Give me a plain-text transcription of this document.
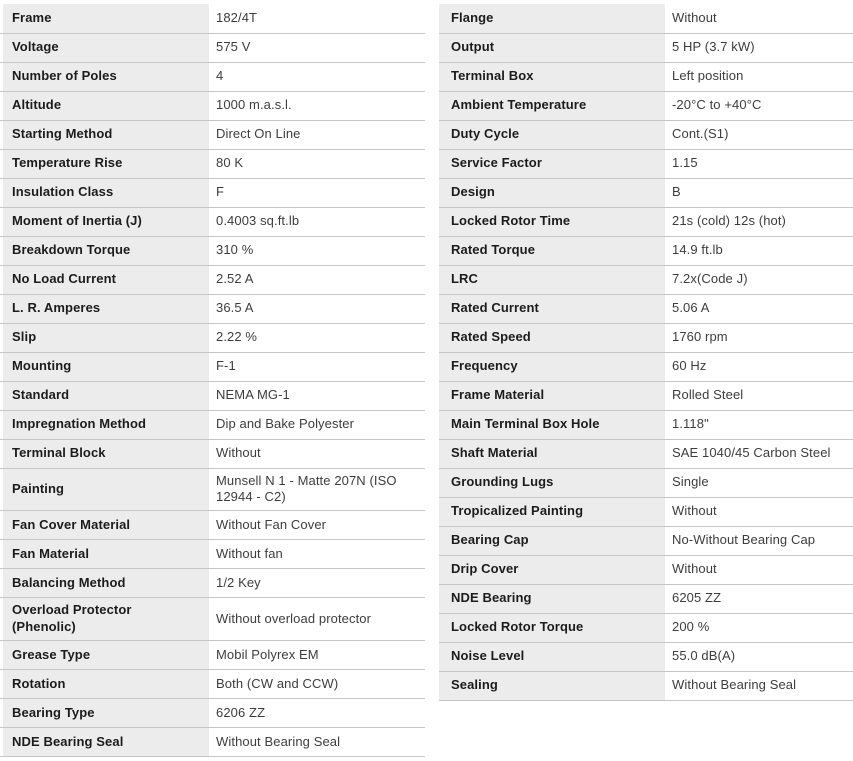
Frame	182/4T
Voltage	575 V
Number of Poles	4
Altitude	1000 m.a.s.l.
Starting Method	Direct On Line
Temperature Rise	80 K
Insulation Class	F
Moment of Inertia (J)	0.4003 sq.ft.lb
Breakdown Torque	310 %
No Load Current	2.52 A
L. R. Amperes	36.5 A
Slip	2.22 %
Mounting	F-1
Standard	NEMA MG-1
Impregnation Method	Dip and Bake Polyester
Terminal Block	Without
Painting	Munsell N 1 - Matte 207N (ISO 12944 - C2)
Fan Cover Material	Without Fan Cover
Fan Material	Without fan
Balancing Method	1/2 Key
Overload Protector (Phenolic)	Without overload protector
Grease Type	Mobil Polyrex EM
Rotation	Both (CW and CCW)
Bearing Type	6206 ZZ
NDE Bearing Seal	Without Bearing Seal
Flange	Without
Output	5 HP (3.7 kW)
Terminal Box	Left position
Ambient Temperature	-20°C to +40°C
Duty Cycle	Cont.(S1)
Service Factor	1.15
Design	B
Locked Rotor Time	21s (cold) 12s (hot)
Rated Torque	14.9 ft.lb
LRC	7.2x(Code J)
Rated Current	5.06 A
Rated Speed	1760 rpm
Frequency	60 Hz
Frame Material	Rolled Steel
Main Terminal Box Hole	1.118"
Shaft Material	SAE 1040/45 Carbon Steel
Grounding Lugs	Single
Tropicalized Painting	Without
Bearing Cap	No-Without Bearing Cap
Drip Cover	Without
NDE Bearing	6205 ZZ
Locked Rotor Torque	200 %
Noise Level	55.0 dB(A)
Sealing	Without Bearing Seal
